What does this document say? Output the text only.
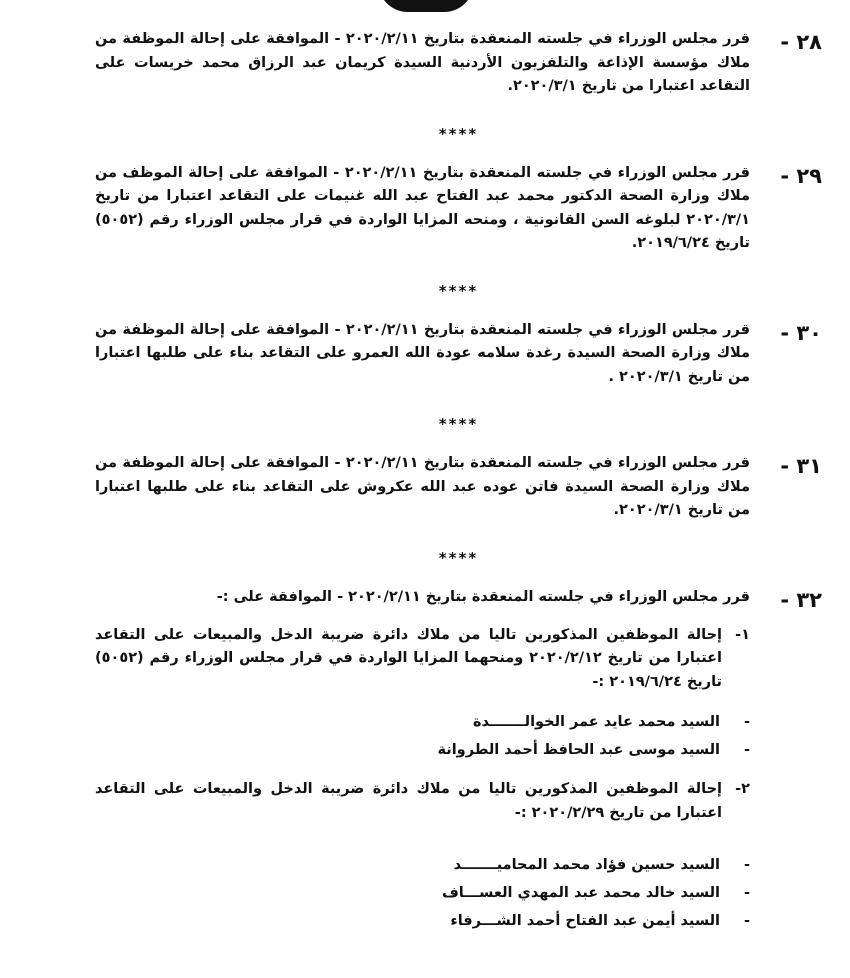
٢٨ -
قرر مجلس الوزراء في جلسته المنعقدة بتاريخ ٢٠٢٠/٢/١١ - الموافقة على إحالة الموظفة من ملاك مؤسسة الإذاعة والتلفزيون الأردنية السيدة كريمان عبد الرزاق محمد خريسات على التقاعد اعتبارا من تاريخ ٢٠٢٠/٣/١.
****
٢٩ -
قرر مجلس الوزراء في جلسته المنعقدة بتاريخ ٢٠٢٠/٢/١١ - الموافقة على إحالة الموظف من ملاك وزارة الصحة الدكتور محمد عبد الفتاح عبد الله غنيمات على التقاعد اعتبارا من تاريخ ٢٠٢٠/٣/١ لبلوغه السن القانونية ، ومنحه المزايا الواردة في قرار مجلس الوزراء رقم (٥٠٥٢) تاريخ ٢٠١٩/٦/٢٤.
****
٣٠ -
قرر مجلس الوزراء في جلسته المنعقدة بتاريخ ٢٠٢٠/٢/١١ - الموافقة على إحالة الموظفة من ملاك وزارة الصحة السيدة رغدة سلامه عودة الله العمرو على التقاعد بناء على طلبها اعتبارا من تاريخ ٢٠٢٠/٣/١ .
****
٣١ -
قرر مجلس الوزراء في جلسته المنعقدة بتاريخ ٢٠٢٠/٢/١١ - الموافقة على إحالة الموظفة من ملاك وزارة الصحة السيدة فاتن عوده عبد الله عكروش على التقاعد بناء على طلبها اعتبارا من تاريخ ٢٠٢٠/٣/١.
****
٣٢ -
قرر مجلس الوزراء في جلسته المنعقدة بتاريخ ٢٠٢٠/٢/١١ - الموافقة على :-
١-
إحالة الموظفين المذكورين تاليا من ملاك دائرة ضريبة الدخل والمبيعات على التقاعد اعتبارا من تاريخ ٢٠٢٠/٢/١٢ ومنحهما المزايا الواردة في قرار مجلس الوزراء رقم (٥٠٥٢) تاريخ ٢٠١٩/٦/٢٤ :-
-
السيد محمد عايد عمر الخوالـــــــدة
-
السيد موسى عبد الحافظ أحمد الطروانة
٢-
إحالة الموظفين المذكورين تاليا من ملاك دائرة ضريبة الدخل والمبيعات على التقاعد اعتبارا من تاريخ ٢٠٢٠/٢/٢٩ :-
-
السيد حسين فؤاد محمد المحاميـــــــد
-
السيد خالد محمد عبد المهدي العســـاف
-
السيد أيمن عبد الفتاح أحمد الشـــرفاء
